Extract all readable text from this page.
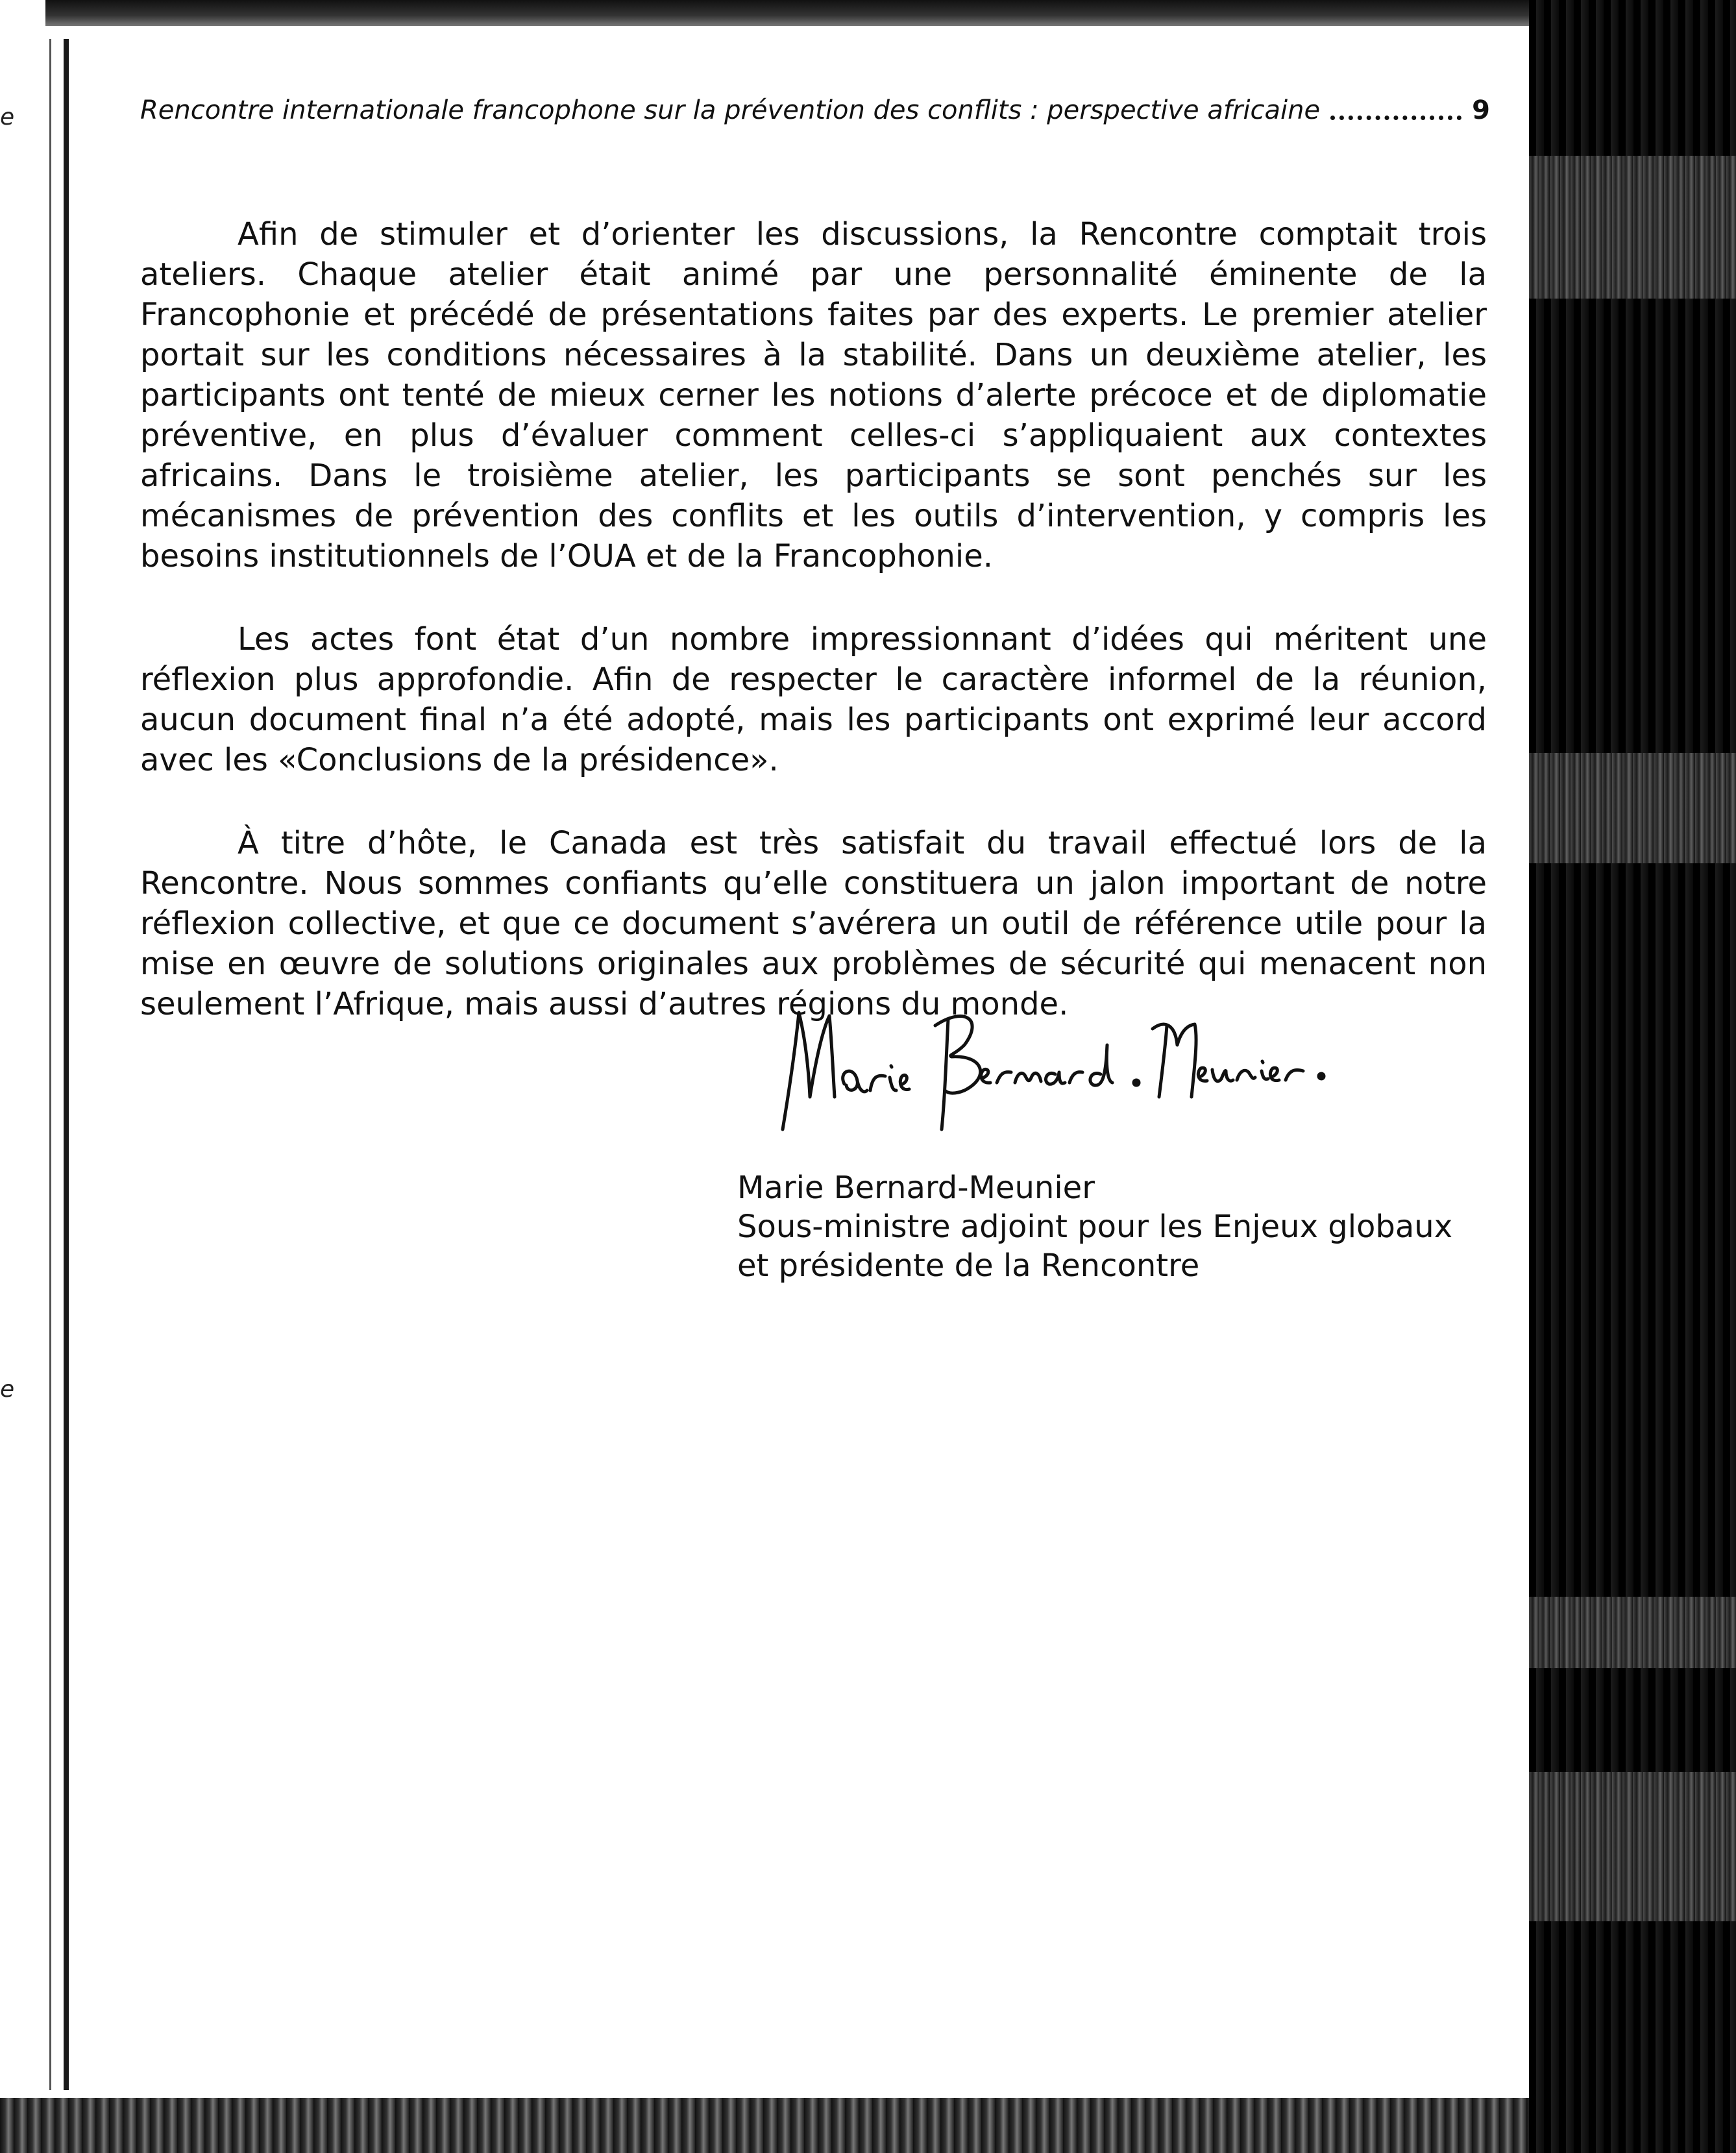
e
e
Rencontre internationale francophone sur la prévention des conflits : perspective africaine	9

Afin de stimuler et d’orienter les discussions, la Rencontre comptait trois ateliers. Chaque atelier était animé par une personnalité éminente de la Francophonie et précédé de présentations faites par des experts. Le premier atelier portait sur les conditions nécessaires à la stabilité. Dans un deuxième atelier, les participants ont tenté de mieux cerner les notions d’alerte précoce et de diplomatie préventive, en plus d’évaluer comment celles-ci s’appliquaient aux contextes africains. Dans le troisième atelier, les participants se sont penchés sur les mécanismes de prévention des conflits et les outils d’intervention, y compris les besoins institutionnels de l’OUA et de la Francophonie.

Les actes font état d’un nombre impressionnant d’idées qui méritent une réflexion plus approfondie. Afin de respecter le caractère informel de la réunion, aucun document final n’a été adopté, mais les participants ont exprimé leur accord avec les «Conclusions de la présidence».

À titre d’hôte, le Canada est très satisfait du travail effectué lors de la Rencontre. Nous sommes confiants qu’elle constituera un jalon important de notre réflexion collective, et que ce document s’avérera un outil de référence utile pour la mise en œuvre de solutions originales aux problèmes de sécurité qui menacent non seulement l’Afrique, mais aussi d’autres régions du monde.

Marie Bernard-Meunier
Sous-ministre adjoint pour les Enjeux globaux
et présidente de la Rencontre
